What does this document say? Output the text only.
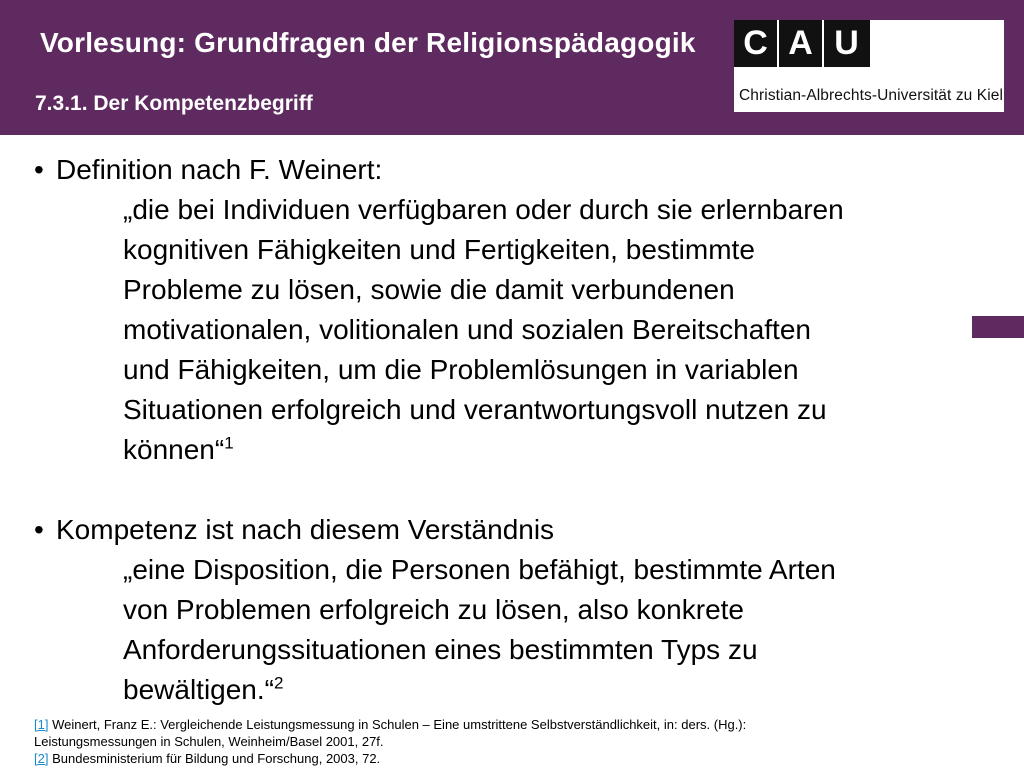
Vorlesung: Grundfragen der Religionspädagogik
7.3.1. Der Kompetenzbegriff
C A U
Christian-Albrechts-Universität zu Kiel
• Definition nach F. Weinert:
„die bei Individuen verfügbaren oder durch sie erlernbaren
kognitiven Fähigkeiten und Fertigkeiten, bestimmte
Probleme zu lösen, sowie die damit verbundenen
motivationalen, volitionalen und sozialen Bereitschaften
und Fähigkeiten, um die Problemlösungen in variablen
Situationen erfolgreich und verantwortungsvoll nutzen zu
können“$^1$
• Kompetenz ist nach diesem Verständnis
„eine Disposition, die Personen befähigt, bestimmte Arten
von Problemen erfolgreich zu lösen, also konkrete
Anforderungssituationen eines bestimmten Typs zu
bewältigen.“$^2$
[1] Weinert, Franz E.: Vergleichende Leistungsmessung in Schulen – Eine umstrittene Selbstverständlichkeit, in: ders. (Hg.):
Leistungsmessungen in Schulen, Weinheim/Basel 2001, 27f.
[2] Bundesministerium für Bildung und Forschung, 2003, 72.
